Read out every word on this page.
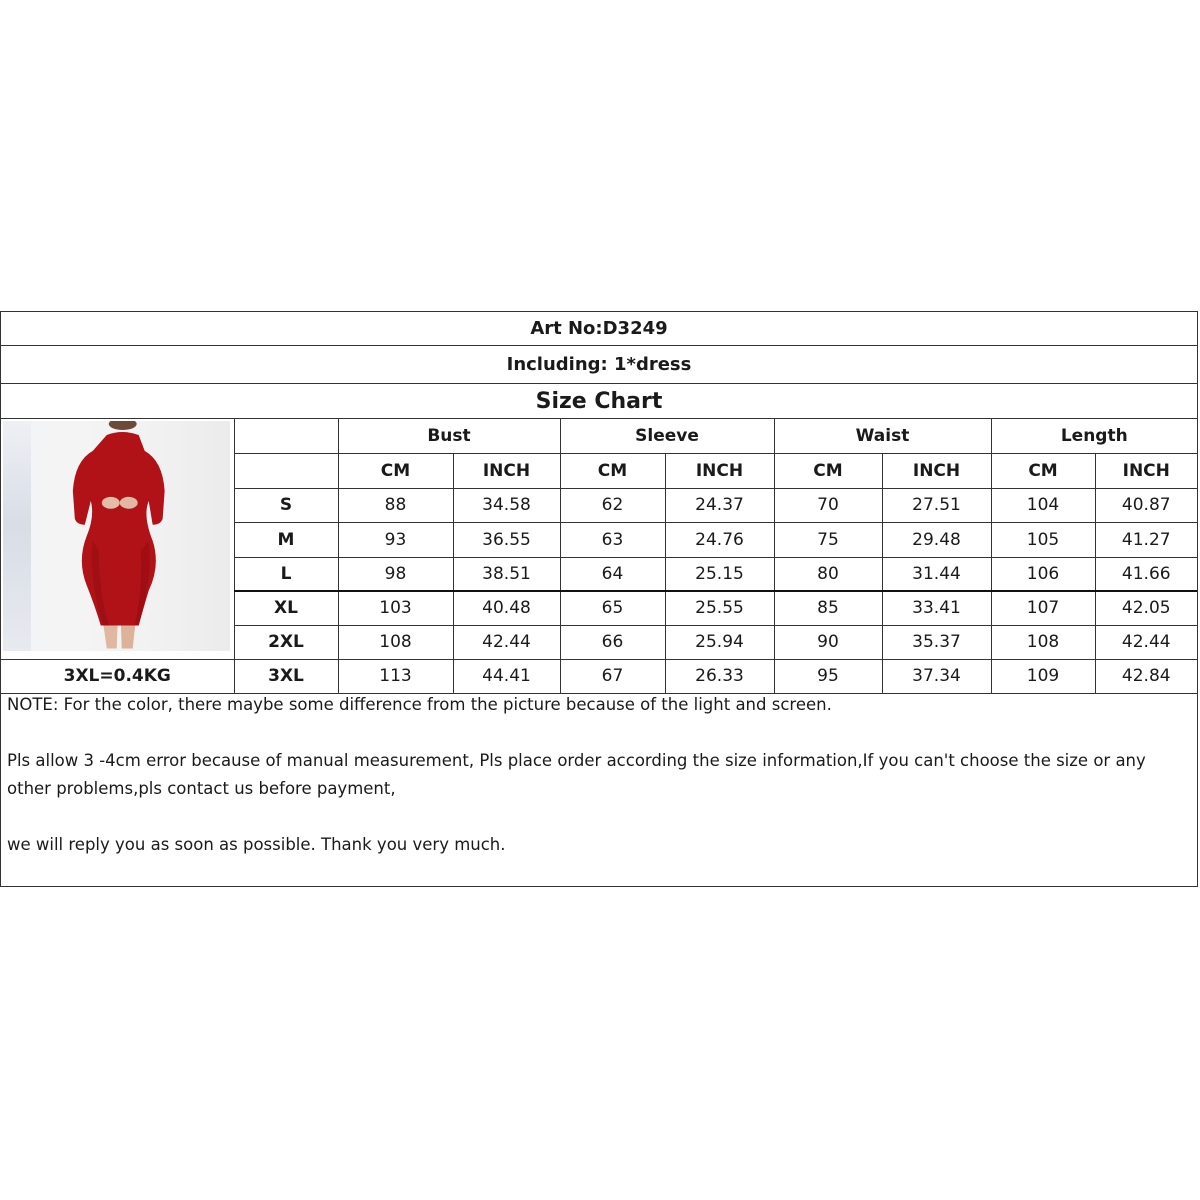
Art No:D3249
Including: 1*dress
Size Chart
		Bust		Sleeve		Waist		Length	
		CM	INCH	CM	INCH	CM	INCH	CM	INCH
	S	88	34.58	62	24.37	70	27.51	104	40.87
	M	93	36.55	63	24.76	75	29.48	105	41.27
	L	98	38.51	64	25.15	80	31.44	106	41.66
	XL	103	40.48	65	25.55	85	33.41	107	42.05
	2XL	108	42.44	66	25.94	90	35.37	108	42.44
3XL=0.4KG	3XL	113	44.41	67	26.33	95	37.34	109	42.84

NOTE: For the color, there maybe some difference from the picture because of the light and screen.

Pls allow 3 -4cm error because of manual measurement, Pls place order according the size information,If you can't choose the size or any other problems,pls contact us before payment,

we will reply you as soon as possible. Thank you very much.
